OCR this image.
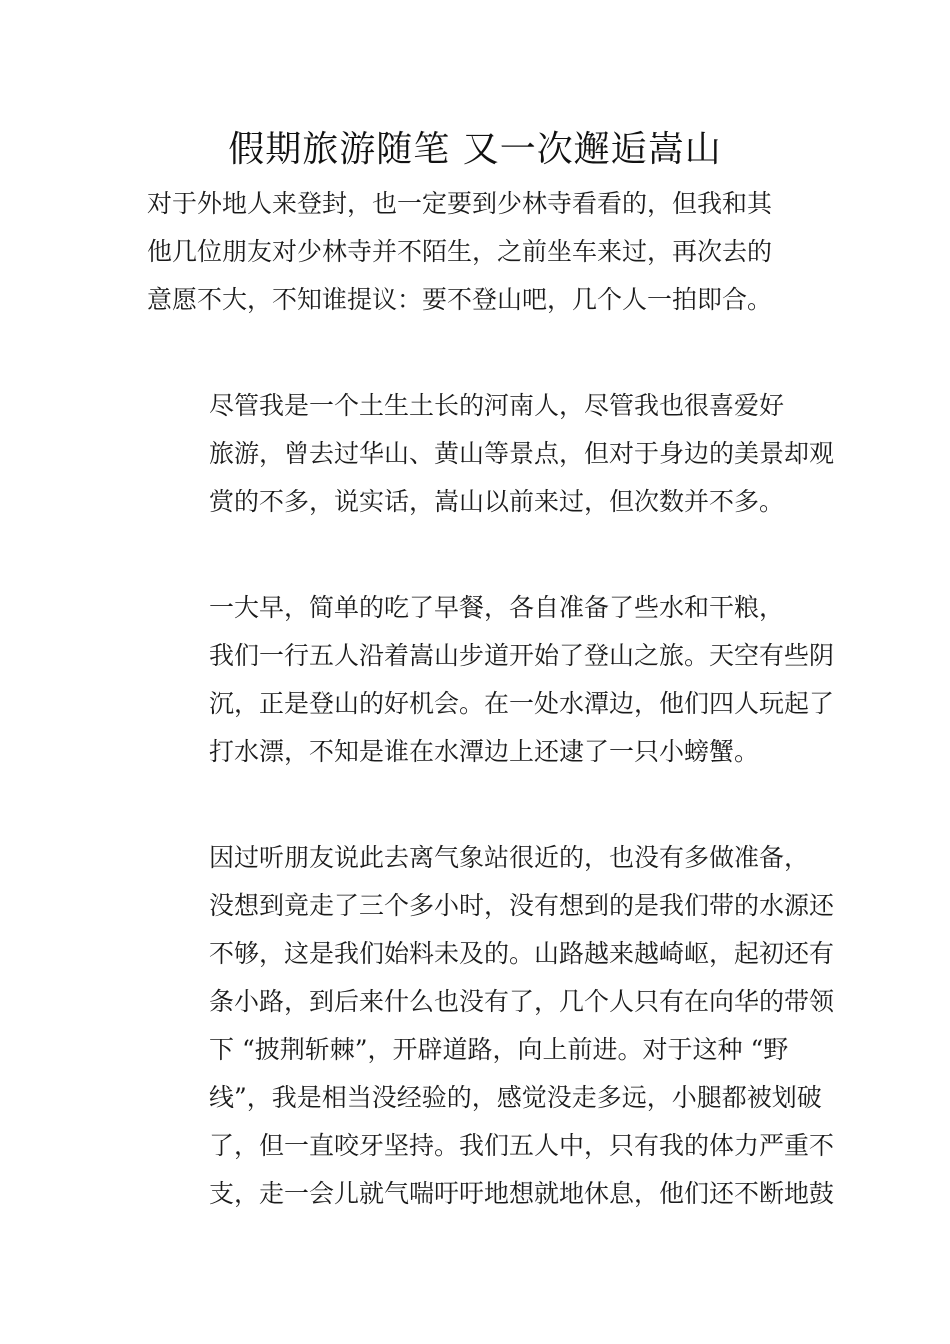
假期旅游随笔 又一次邂逅嵩山

对于外地人来登封，也一定要到少林寺看看的，但我和其
他几位朋友对少林寺并不陌生，之前坐车来过，再次去的
意愿不大，不知谁提议：要不登山吧，几个人一拍即合。

尽管我是一个土生土长的河南人，尽管我也很喜爱好
旅游，曾去过华山、黄山等景点，但对于身边的美景却观
赏的不多，说实话，嵩山以前来过，但次数并不多。

一大早，简单的吃了早餐，各自准备了些水和干粮，
我们一行五人沿着嵩山步道开始了登山之旅。天空有些阴
沉，正是登山的好机会。在一处水潭边，他们四人玩起了
打水漂，不知是谁在水潭边上还逮了一只小螃蟹。

因过听朋友说此去离气象站很近的，也没有多做准备，
没想到竟走了三个多小时，没有想到的是我们带的水源还
不够，这是我们始料未及的。山路越来越崎岖，起初还有
条小路，到后来什么也没有了，几个人只有在向华的带领
下 “披荆斩棘”，开辟道路，向上前进。对于这种 “野
线”，我是相当没经验的，感觉没走多远，小腿都被划破
了，但一直咬牙坚持。我们五人中，只有我的体力严重不
支，走一会儿就气喘吁吁地想就地休息，他们还不断地鼓
